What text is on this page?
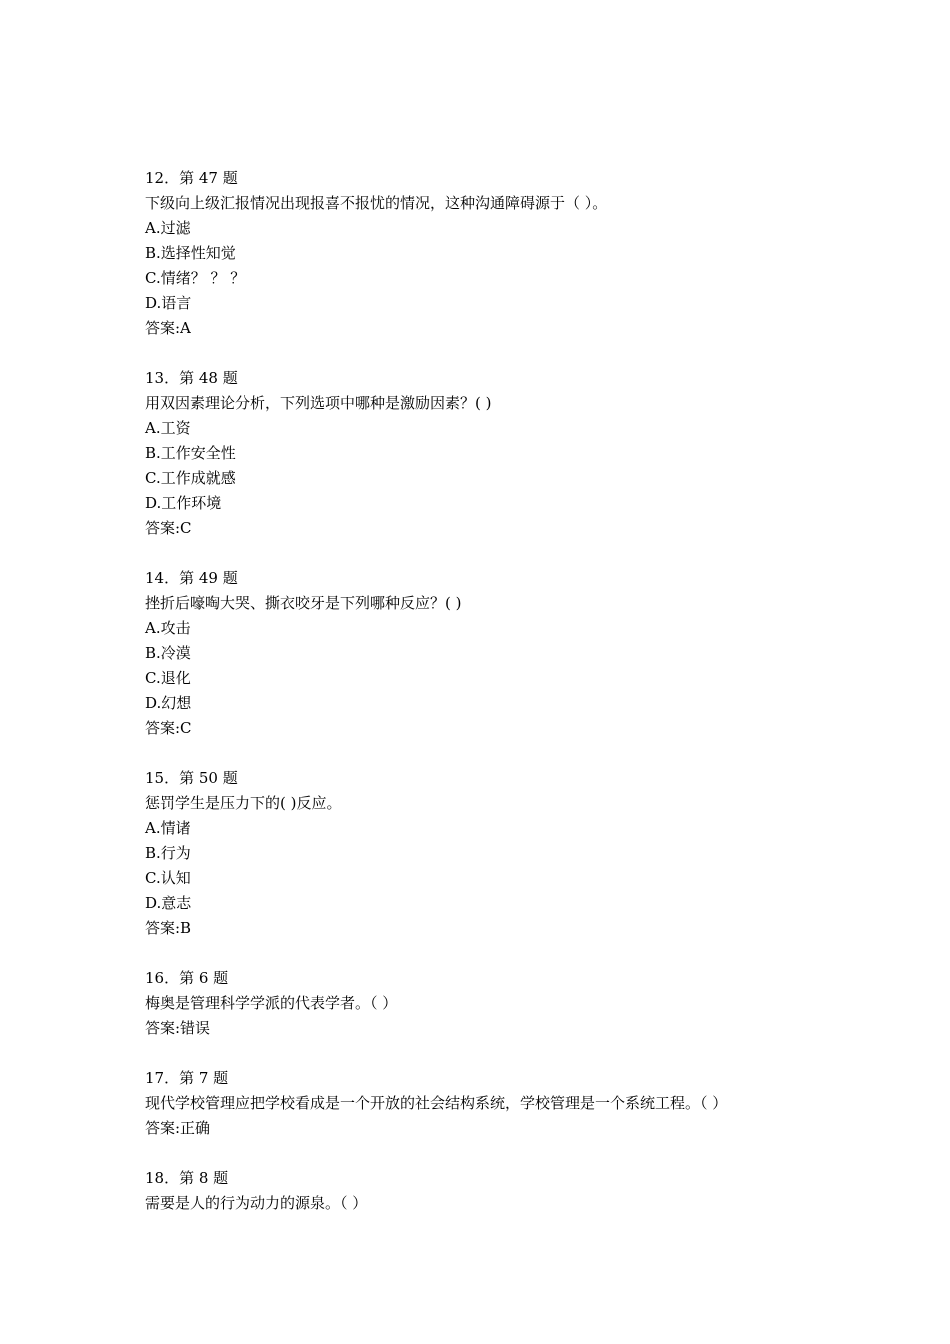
12．第 47 题
下级向上级汇报情况出现报喜不报忧的情况，这种沟通障碍源于（ ）。
A.过滤
B.选择性知觉
C.情绪？ ？ ？
D.语言
答案:A
13．第 48 题
用双因素理论分析，下列选项中哪种是激励因素？( )
A.工资
B.工作安全性
C.工作成就感
D.工作环境
答案:C
14．第 49 题
挫折后嚎啕大哭、撕衣咬牙是下列哪种反应？( )
A.攻击
B.冷漠
C.退化
D.幻想
答案:C
15．第 50 题
惩罚学生是压力下的( )反应。
A.情诸
B.行为
C.认知
D.意志
答案:B
16．第 6 题
梅奥是管理科学学派的代表学者。（ ）
答案:错误
17．第 7 题
现代学校管理应把学校看成是一个开放的社会结构系统，学校管理是一个系统工程。（ ）
答案:正确
18．第 8 题
需要是人的行为动力的源泉。（ ）
